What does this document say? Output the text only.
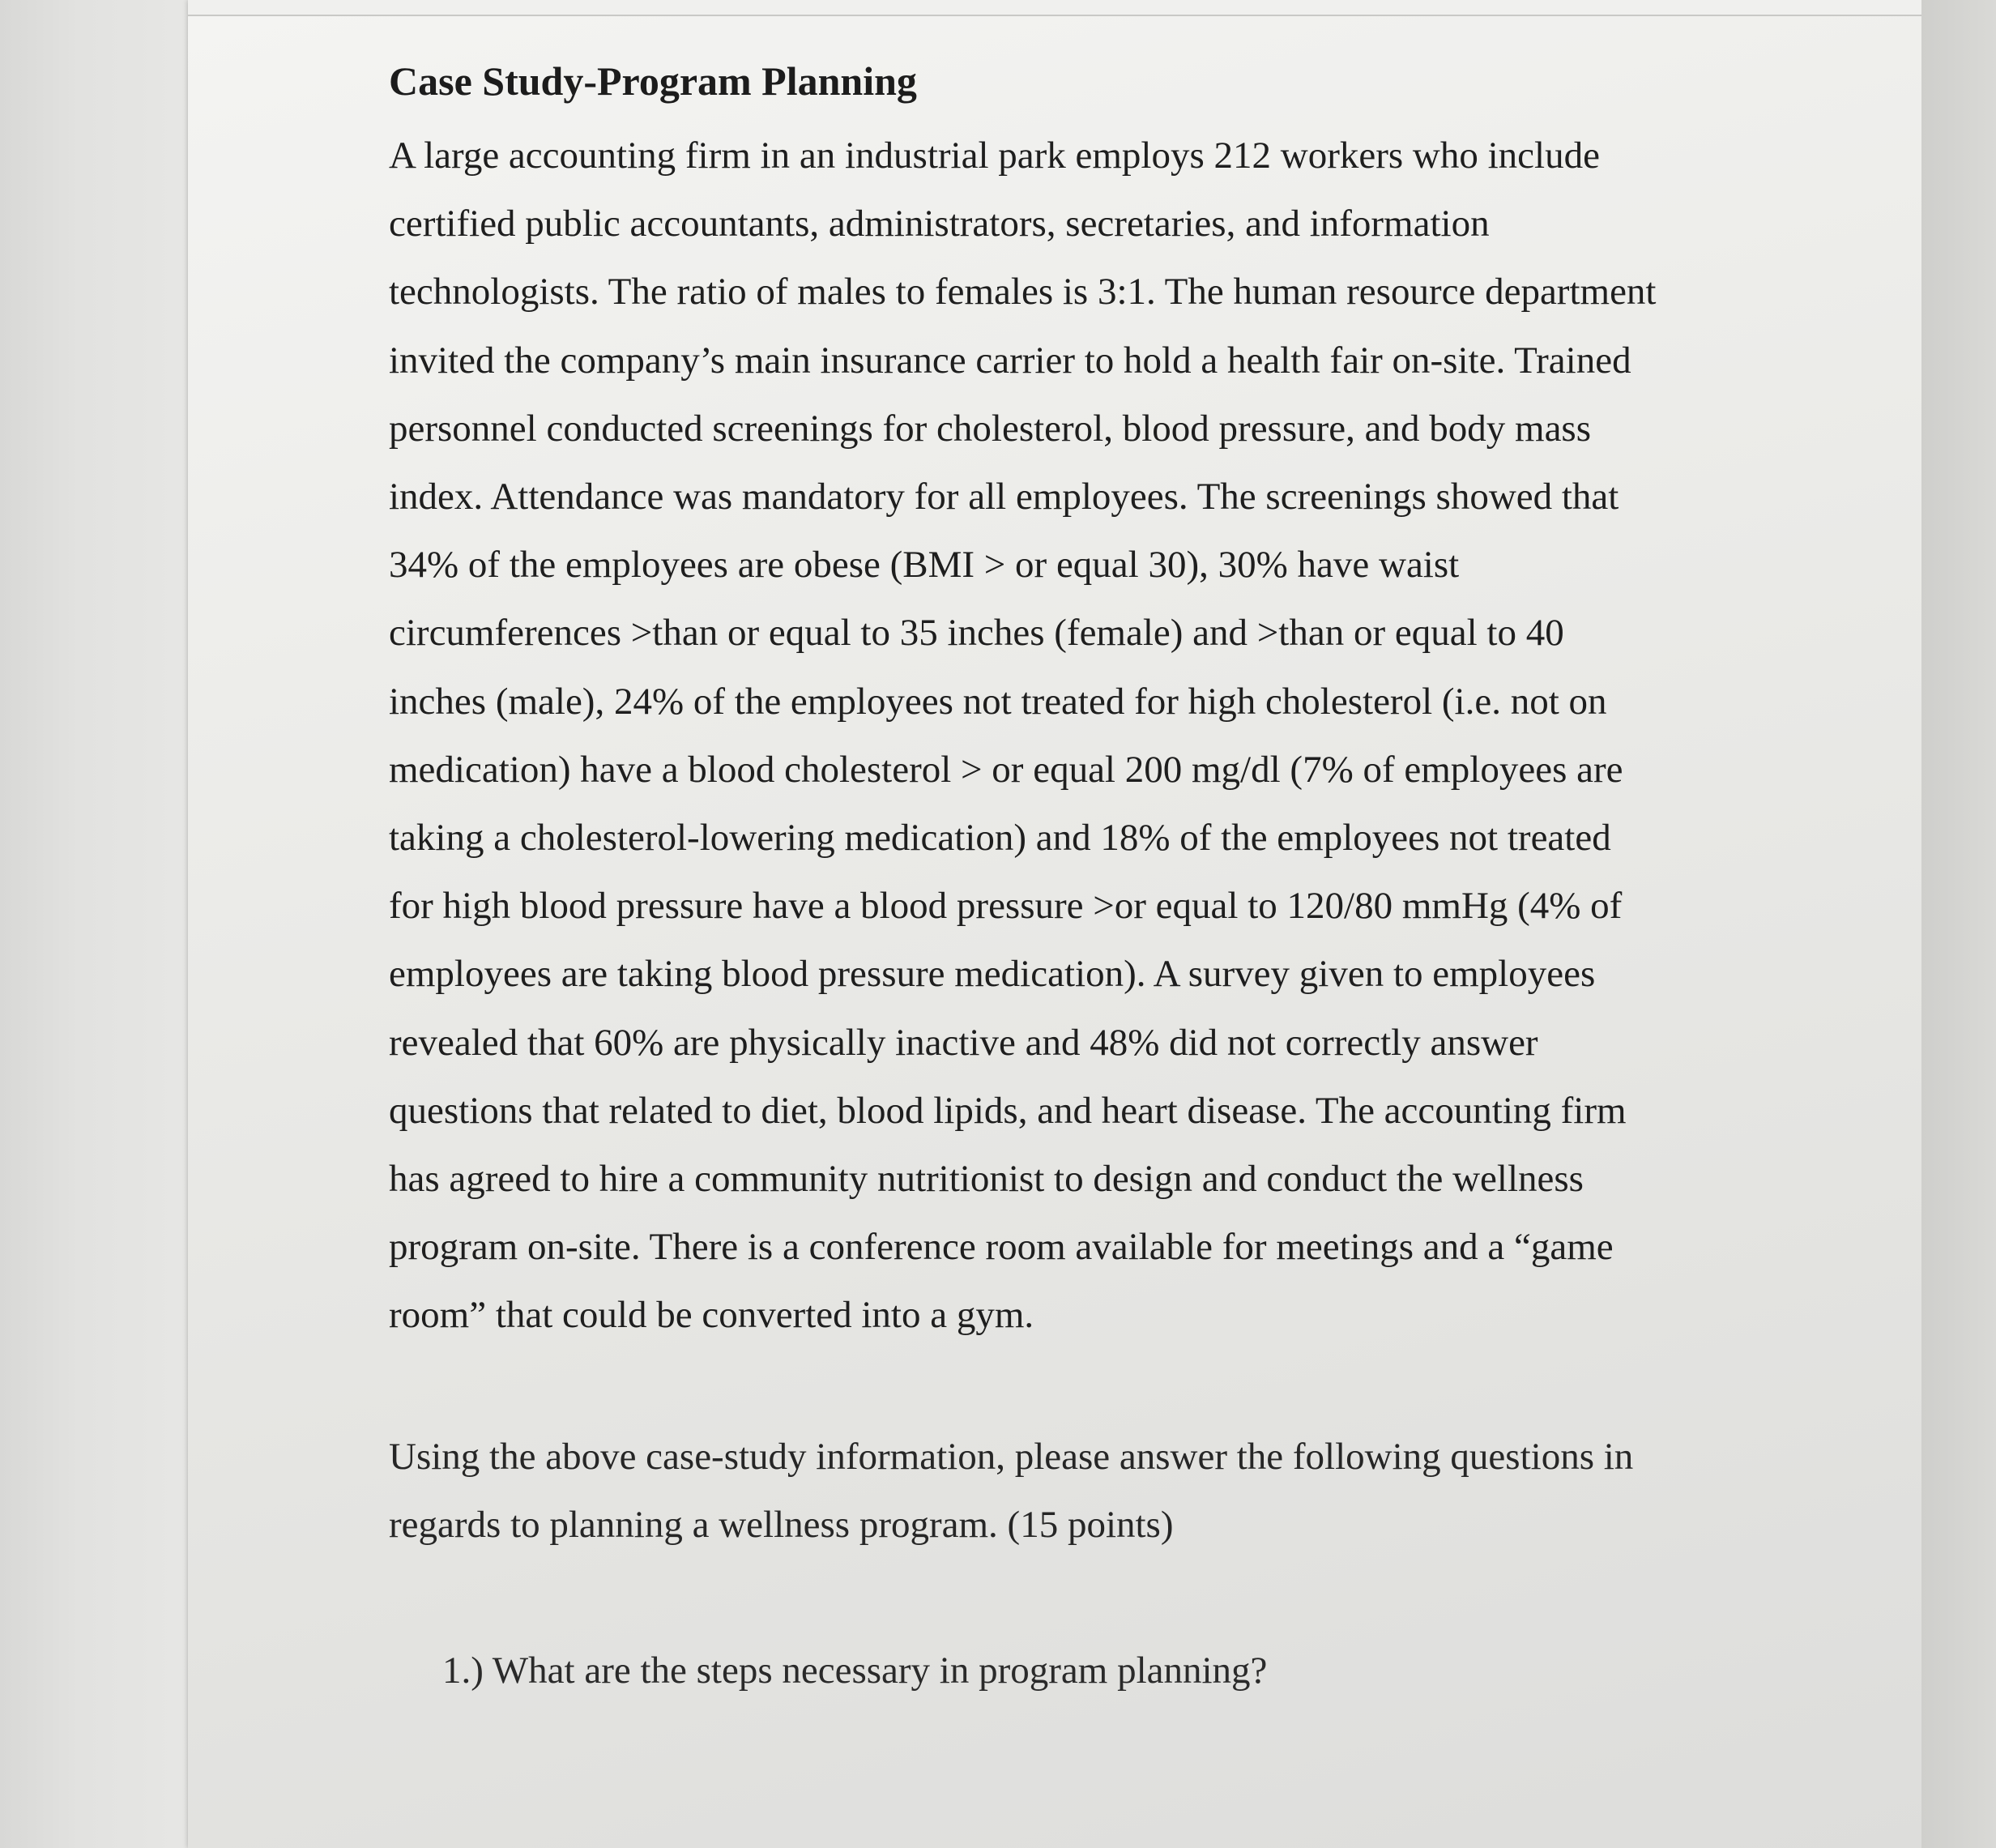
Case Study-Program Planning
A large accounting firm in an industrial park employs 212 workers who include
certified public accountants, administrators, secretaries, and information
technologists. The ratio of males to females is 3:1. The human resource department
invited the company’s main insurance carrier to hold a health fair on-site. Trained
personnel conducted screenings for cholesterol, blood pressure, and body mass
index. Attendance was mandatory for all employees. The screenings showed that
34% of the employees are obese (BMI > or equal 30), 30% have waist
circumferences >than or equal to 35 inches (female) and >than or equal to 40
inches (male), 24% of the employees not treated for high cholesterol (i.e. not on
medication) have a blood cholesterol > or equal 200 mg/dl (7% of employees are
taking a cholesterol-lowering medication) and 18% of the employees not treated
for high blood pressure have a blood pressure >or equal to 120/80 mmHg (4% of
employees are taking blood pressure medication). A survey given to employees
revealed that 60% are physically inactive and 48% did not correctly answer
questions that related to diet, blood lipids, and heart disease. The accounting firm
has agreed to hire a community nutritionist to design and conduct the wellness
program on-site. There is a conference room available for meetings and a “game
room” that could be converted into a gym.
Using the above case-study information, please answer the following questions in
regards to planning a wellness program. (15 points)
1.) What are the steps necessary in program planning?
